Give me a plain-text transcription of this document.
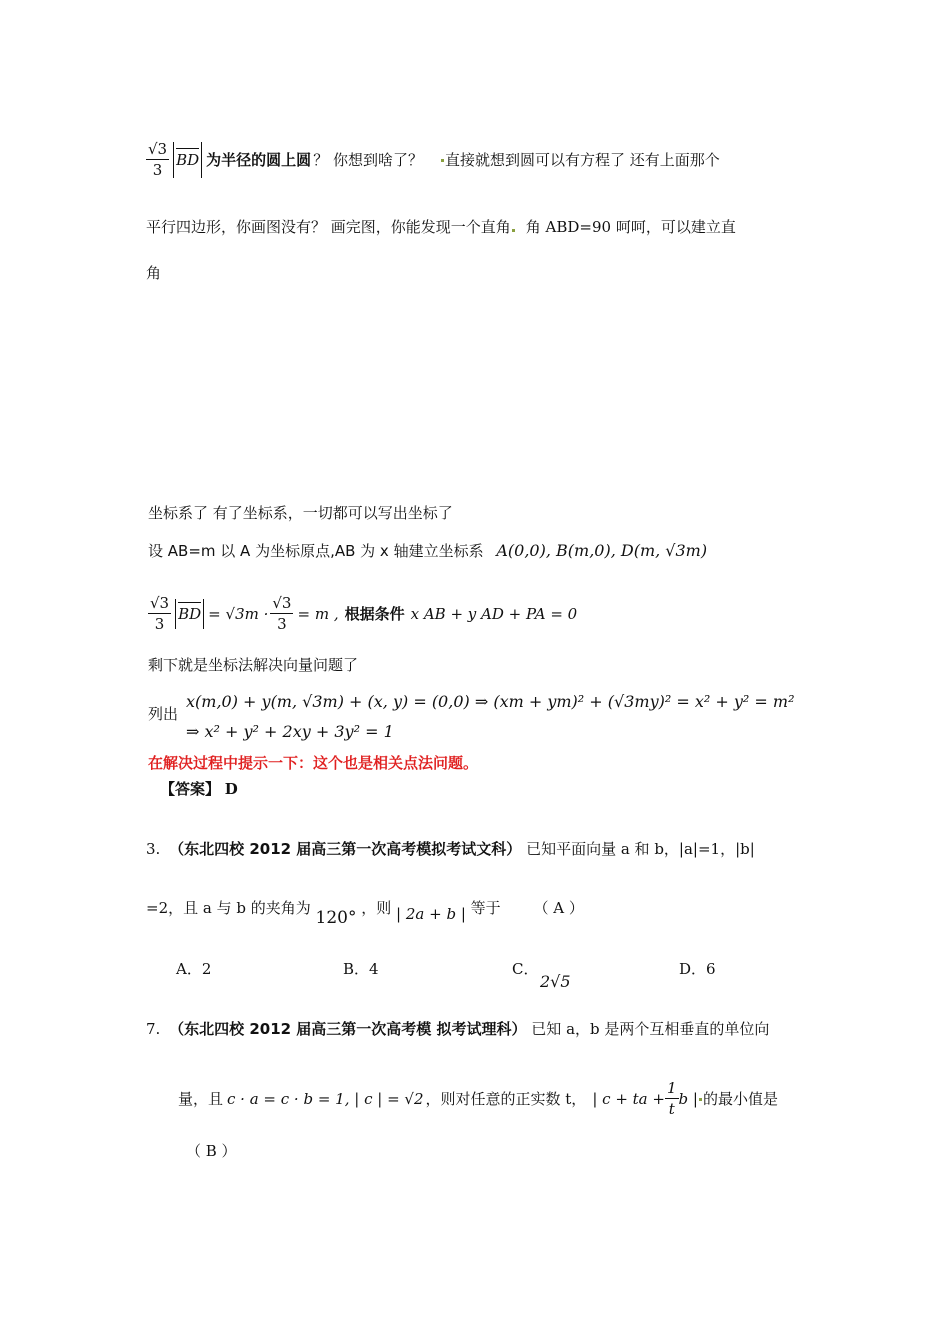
$\frac{√3}{3}$ BD 为半径的圆上圆 ？ 你想到啥了？ 直接就想到圆可以有方程了 还有上面那个
平行四边形，你画图没有？ 画完图，你能发现一个直角 角 ABD=90 呵呵，可以建立直
角
坐标系了 有了坐标系，一切都可以写出坐标了
设 AB=m 以 A 为坐标原点,AB 为 x 轴建立坐标系 A(0,0), B(m,0), D(m, √3m)
$\frac{√3}{3}$ BD = $√3m \cdot \frac{√3}{3} = m$ , 根据条件 x AB + y AD + PA = 0
剩下就是坐标法解决向量问题了
列出
x(m,0) + y(m, √3m) + (x, y) = (0,0) ⇒ (xm + ym)² + (√3my)² = x² + y² = m²
⇒ x² + y² + 2xy + 3y² = 1
在解决过程中提示一下：这个也是相关点法问题。
【答案】 D
3. （东北四校 2012 届高三第一次高考模拟考试文科） 已知平面向量 a 和 b，|a|=1，|b|
=2，且 a 与 b 的夹角为 120° ，则 | 2a + b | 等于 （ A ）
A．2	B．4	C．
2√5
D．6
7. （东北四校 2012 届高三第一次高考模 拟考试理科） 已知 a，b 是两个互相垂直的单位向
量，且 c · a = c · b = 1, | c | = √2 ，则对任意的正实数 t， | c + ta + $\frac{1}{t}$ b | 的最小值是
（ B ）
